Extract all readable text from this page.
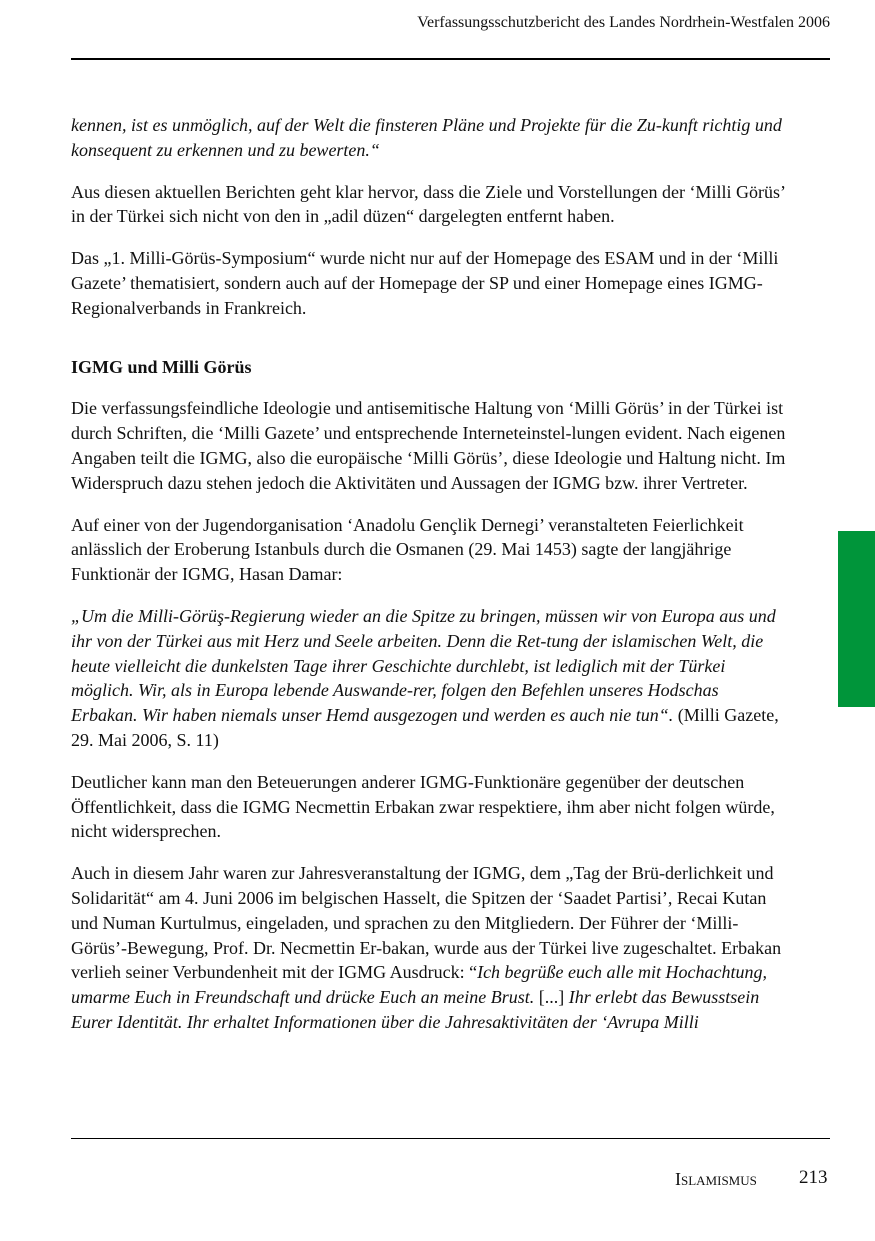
Verfassungsschutzbericht des Landes Nordrhein-Westfalen 2006

kennen, ist es unmöglich, auf der Welt die finsteren Pläne und Projekte für die Zu-kunft richtig und konsequent zu erkennen und zu bewerten.“

Aus diesen aktuellen Berichten geht klar hervor, dass die Ziele und Vorstellungen der ‘Milli Görüs’ in der Türkei sich nicht von den in „adil düzen“ dargelegten entfernt haben.

Das „1. Milli-Görüs-Symposium“ wurde nicht nur auf der Homepage des ESAM und in der ‘Milli Gazete’ thematisiert, sondern auch auf der Homepage der SP und einer Homepage eines IGMG-Regionalverbands in Frankreich.

IGMG und Milli Görüs

Die verfassungsfeindliche Ideologie und antisemitische Haltung von ‘Milli Görüs’ in der Türkei ist durch Schriften, die ‘Milli Gazete’ und entsprechende Interneteinstel-lungen evident. Nach eigenen Angaben teilt die IGMG, also die europäische ‘Milli Görüs’, diese Ideologie und Haltung nicht. Im Widerspruch dazu stehen jedoch die Aktivitäten und Aussagen der IGMG bzw. ihrer Vertreter.

Auf einer von der Jugendorganisation ‘Anadolu Gençlik Dernegi’ veranstalteten Feierlichkeit anlässlich der Eroberung Istanbuls durch die Osmanen (29. Mai 1453) sagte der langjährige Funktionär der IGMG, Hasan Damar:

„Um die Milli-Görüş-Regierung wieder an die Spitze zu bringen, müssen wir von Europa aus und ihr von der Türkei aus mit Herz und Seele arbeiten. Denn die Ret-tung der islamischen Welt, die heute vielleicht die dunkelsten Tage ihrer Geschichte durchlebt, ist lediglich mit der Türkei möglich. Wir, als in Europa lebende Auswande-rer, folgen den Befehlen unseres Hodschas Erbakan. Wir haben niemals unser Hemd ausgezogen und werden es auch nie tun“. (Milli Gazete, 29. Mai 2006, S. 11)

Deutlicher kann man den Beteuerungen anderer IGMG-Funktionäre gegenüber der deutschen Öffentlichkeit, dass die IGMG Necmettin Erbakan zwar respektiere, ihm aber nicht folgen würde, nicht widersprechen.

Auch in diesem Jahr waren zur Jahresveranstaltung der IGMG, dem „Tag der Brü-derlichkeit und Solidarität“ am 4. Juni 2006 im belgischen Hasselt, die Spitzen der ‘Saadet Partisi’, Recai Kutan und Numan Kurtulmus, eingeladen, und sprachen zu den Mitgliedern. Der Führer der ‘Milli-Görüs’-Bewegung, Prof. Dr. Necmettin Er-bakan, wurde aus der Türkei live zugeschaltet. Erbakan verlieh seiner Verbundenheit mit der IGMG Ausdruck: “Ich begrüße euch alle mit Hochachtung, umarme Euch in Freundschaft und drücke Euch an meine Brust. [...] Ihr erlebt das Bewusstsein Eurer Identität. Ihr erhaltet Informationen über die Jahresaktivitäten der ‘Avrupa Milli

Islamismus 213
